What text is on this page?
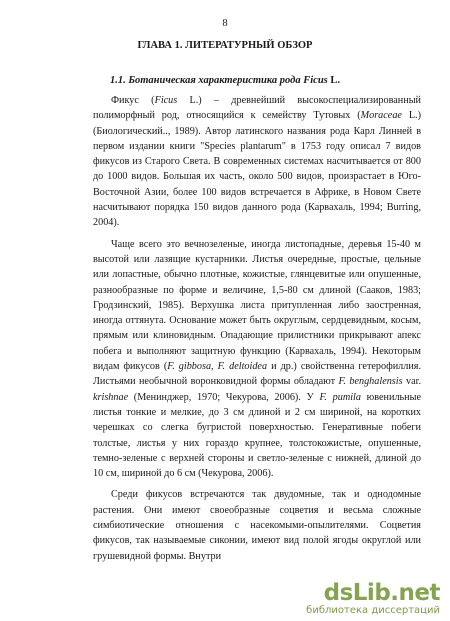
8
ГЛАВА 1. ЛИТЕРАТУРНЫЙ ОБЗОР
1.1. Ботаническая характеристика рода Ficus L.

Фикус (Ficus L.) – древнейший высокоспециализированный полиморфный род, относящийся к семейству Тутовых (Moraceae L.) (Биологический.., 1989). Автор латинского названия рода Карл Линней в первом издании книги "Species plantarum" в 1753 году описал 7 видов фикусов из Старого Света. В современных системах насчитывается от 800 до 1000 видов. Большая их часть, около 500 видов, произрастает в Юго-Восточной Азии, более 100 видов встречается в Африке, в Новом Свете насчитывают порядка 150 видов данного рода (Карвахаль, 1994; Burring, 2004).

Чаще всего это вечнозеленые, иногда листопадные, деревья 15-40 м высотой или лазящие кустарники. Листья очередные, простые, цельные или лопастные, обычно плотные, кожистые, глянцевитые или опушенные, разнообразные по форме и величине, 1,5-80 см длиной (Сааков, 1983; Гродзинский, 1985). Верхушка листа притупленная либо заостренная, иногда оттянута. Основание может быть округлым, сердцевидным, косым, прямым или клиновидным. Опадающие прилистники прикрывают апекс побега и выполняют защитную функцию (Карвахаль, 1994). Некоторым видам фикусов (F. gibbosa, F. deltoidea и др.) свойственна гетерофиллия. Листьями необычной воронковидной формы обладают F. benghalensis var. krishnae (Менинджер, 1970; Чекурова, 2006). У F. pumila ювенильные листья тонкие и мелкие, до 3 см длиной и 2 см шириной, на коротких черешках со слегка бугристой поверхностью. Генеративные побеги толстые, листья у них гораздо крупнее, толстокожистые, опушенные, темно-зеленые с верхней стороны и светло-зеленые с нижней, длиной до 10 см, шириной до 6 см (Чекурова, 2006).

Среди фикусов встречаются так двудомные, так и однодомные растения. Они имеют своеобразные соцветия и весьма сложные симбиотические отношения с насекомыми-опылителями. Соцветия фикусов, так называемые сиконии, имеют вид полой ягоды округлой или грушевидной формы. Внутри

dsLib.net
библиотека диссертаций
